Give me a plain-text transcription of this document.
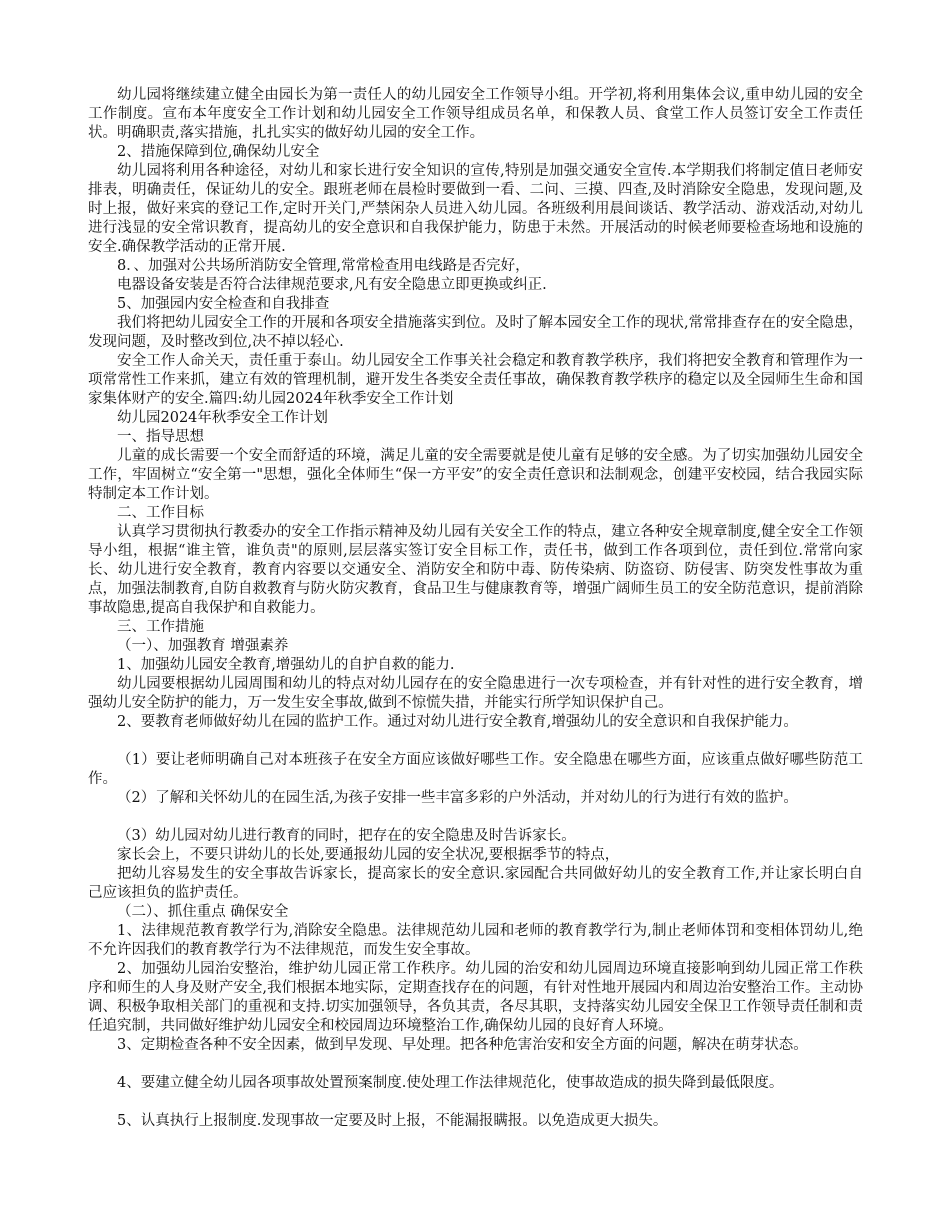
幼儿园将继续建立健全由园长为第一责任人的幼儿园安全工作领导小组。开学初,将利用集体会议,重申幼儿园的安全工作制度。宣布本年度安全工作计划和幼儿园安全工作领导组成员名单，和保教人员、食堂工作人员签订安全工作责任状。明确职责,落实措施，扎扎实实的做好幼儿园的安全工作。
2、措施保障到位,确保幼儿安全
幼儿园将利用各种途径，对幼儿和家长进行安全知识的宣传,特别是加强交通安全宣传.本学期我们将制定值日老师安排表，明确责任，保证幼儿的安全。跟班老师在晨检时要做到一看、二问、三摸、四查,及时消除安全隐患，发现问题,及时上报，做好来宾的登记工作,定时开关门,严禁闲杂人员进入幼儿园。各班级利用晨间谈话、教学活动、游戏活动,对幼儿进行浅显的安全常识教育，提高幼儿的安全意识和自我保护能力，防患于未然。开展活动的时候老师要检查场地和设施的安全.确保教学活动的正常开展.
8．、加强对公共场所消防安全管理,常常检查用电线路是否完好，
电器设备安装是否符合法律规范要求,凡有安全隐患立即更换或纠正.
5、加强园内安全检查和自我排查
我们将把幼儿园安全工作的开展和各项安全措施落实到位。及时了解本园安全工作的现状,常常排查存在的安全隐患，发现问题，及时整改到位,决不掉以轻心.
安全工作人命关天，责任重于泰山。幼儿园安全工作事关社会稳定和教育教学秩序，我们将把安全教育和管理作为一项常常性工作来抓，建立有效的管理机制，避开发生各类安全责任事故，确保教育教学秩序的稳定以及全园师生生命和国家集体财产的安全.篇四:幼儿园2024年秋季安全工作计划
幼儿园2024年秋季安全工作计划
一、指导思想
儿童的成长需要一个安全而舒适的环境，满足儿童的安全需要就是使儿童有足够的安全感。为了切实加强幼儿园安全工作，牢固树立“安全第一"思想，强化全体师生“保一方平安”的安全责任意识和法制观念，创建平安校园，结合我园实际特制定本工作计划。
二、工作目标
认真学习贯彻执行教委办的安全工作指示精神及幼儿园有关安全工作的特点，建立各种安全规章制度,健全安全工作领导小组，根据“谁主管，谁负责"的原则,层层落实签订安全目标工作，责任书，做到工作各项到位，责任到位.常常向家长、幼儿进行安全教育，教育内容要以交通安全、消防安全和防中毒、防传染病、防盗窃、防侵害、防突发性事故为重点，加强法制教育,自防自救教育与防火防灾教育，食品卫生与健康教育等，增强广阔师生员工的安全防范意识，提前消除事故隐患,提高自我保护和自救能力。
三、工作措施
（一）、加强教育 增强素养
1、加强幼儿园安全教育,增强幼儿的自护自救的能力.
幼儿园要根据幼儿园周围和幼儿的特点对幼儿园存在的安全隐患进行一次专项检查，并有针对性的进行安全教育，增强幼儿安全防护的能力，万一发生安全事故,做到不惊慌失措，并能实行所学知识保护自己。
2、要教育老师做好幼儿在园的监护工作。通过对幼儿进行安全教育,增强幼儿的安全意识和自我保护能力。
（1）要让老师明确自己对本班孩子在安全方面应该做好哪些工作。安全隐患在哪些方面，应该重点做好哪些防范工作。
（2）了解和关怀幼儿的在园生活,为孩子安排一些丰富多彩的户外活动，并对幼儿的行为进行有效的监护。
（3）幼儿园对幼儿进行教育的同时，把存在的安全隐患及时告诉家长。
家长会上，不要只讲幼儿的长处,要通报幼儿园的安全状况,要根据季节的特点，
把幼儿容易发生的安全事故告诉家长，提高家长的安全意识.家园配合共同做好幼儿的安全教育工作,并让家长明白自己应该担负的监护责任。
（二）、抓住重点 确保安全
1、法律规范教育教学行为,消除安全隐患。法律规范幼儿园和老师的教育教学行为,制止老师体罚和变相体罚幼儿,绝不允许因我们的教育教学行为不法律规范，而发生安全事故。
2、加强幼儿园治安整治，维护幼儿园正常工作秩序。幼儿园的治安和幼儿园周边环境直接影响到幼儿园正常工作秩序和师生的人身及财产安全,我们根据本地实际，定期查找存在的问题，有针对性地开展园内和周边治安整治工作。主动协调、积极争取相关部门的重视和支持.切实加强领导，各负其责，各尽其职，支持落实幼儿园安全保卫工作领导责任制和责任追究制，共同做好维护幼儿园安全和校园周边环境整治工作,确保幼儿园的良好育人环境。
3、定期检查各种不安全因素，做到早发现、早处理。把各种危害治安和安全方面的问题，解决在萌芽状态。
4、要建立健全幼儿园各项事故处置预案制度.使处理工作法律规范化，使事故造成的损失降到最低限度。
5、认真执行上报制度.发现事故一定要及时上报，不能漏报瞒报。以免造成更大损失。
